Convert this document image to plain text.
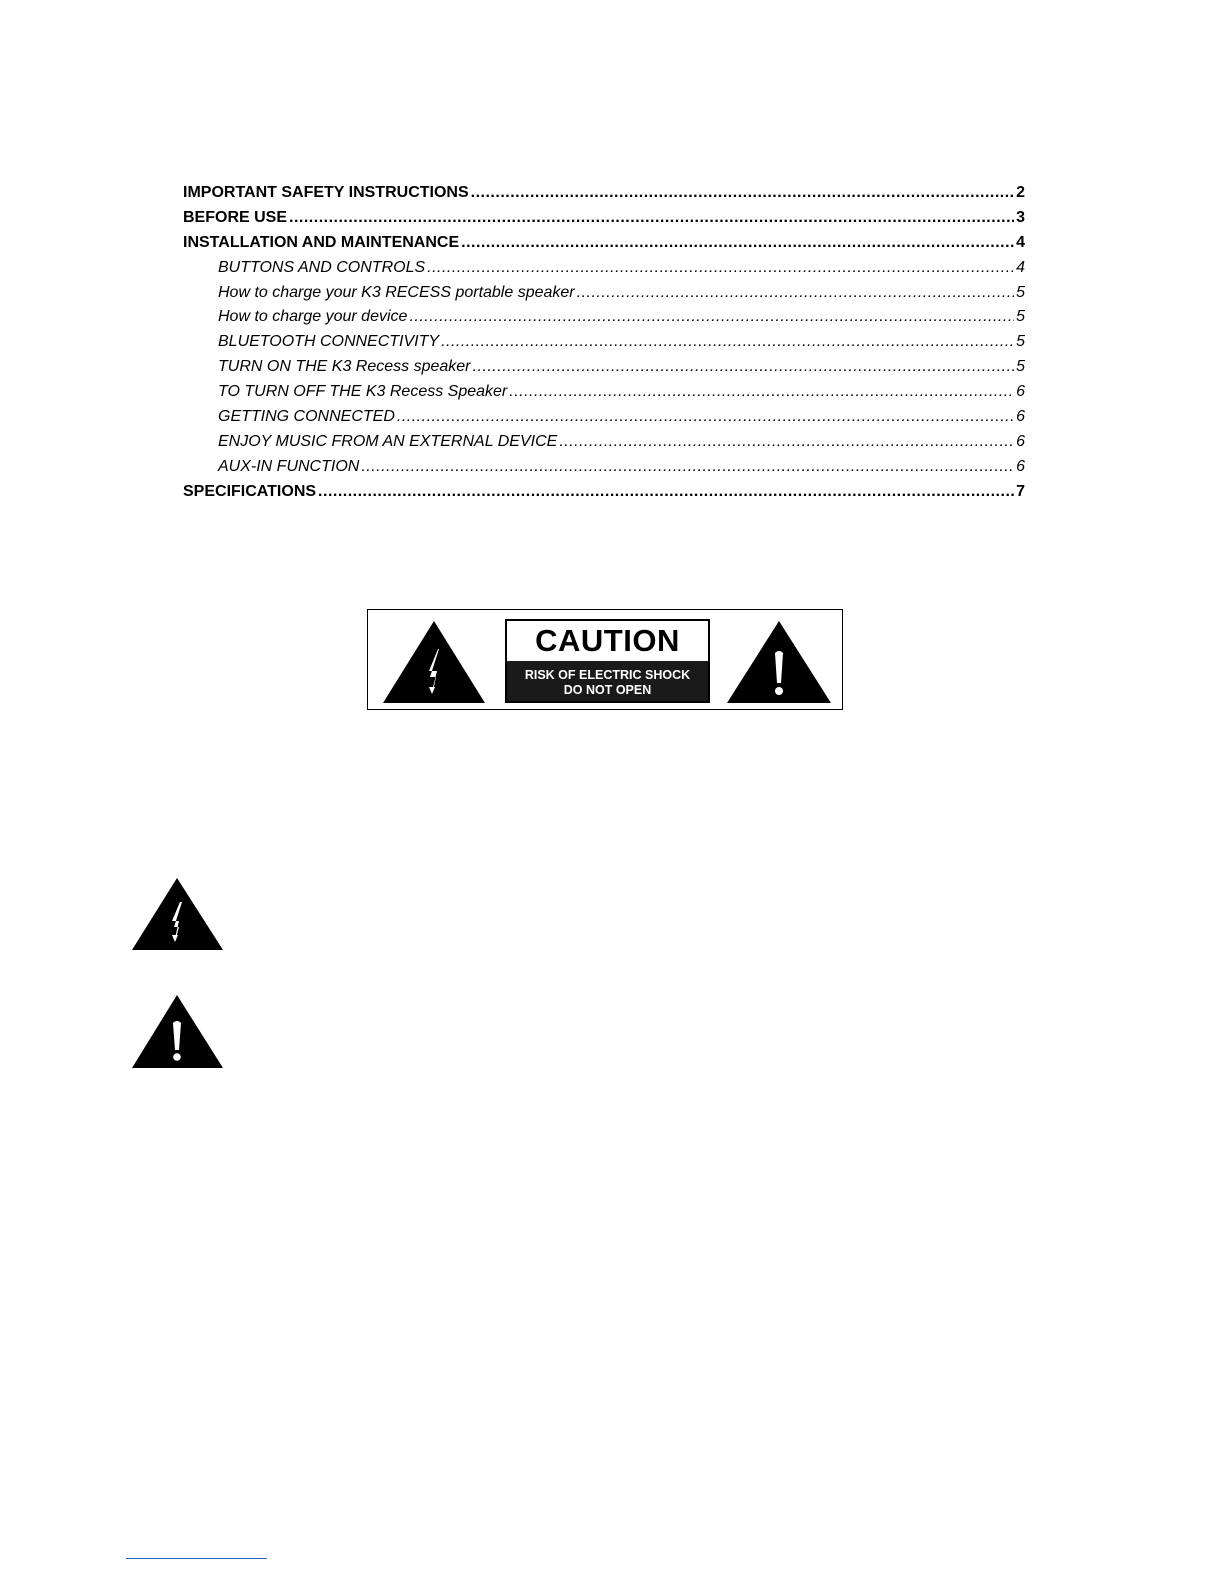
IMPORTANT SAFETY INSTRUCTIONS .....	2
BEFORE USE .....	3
INSTALLATION AND MAINTENANCE .....	4
BUTTONS AND CONTROLS .....	4
How to charge your K3 RECESS portable speaker .....	5
How to charge your device .....	5
BLUETOOTH CONNECTIVITY .....	5
TURN ON THE K3 Recess speaker .....	5
TO TURN OFF THE K3 Recess Speaker .....	6
GETTING CONNECTED .....	6
ENJOY MUSIC FROM AN EXTERNAL DEVICE .....	6
AUX-IN FUNCTION .....	6
SPECIFICATIONS .....	7
CAUTION
RISK OF ELECTRIC SHOCK
DO NOT OPEN
